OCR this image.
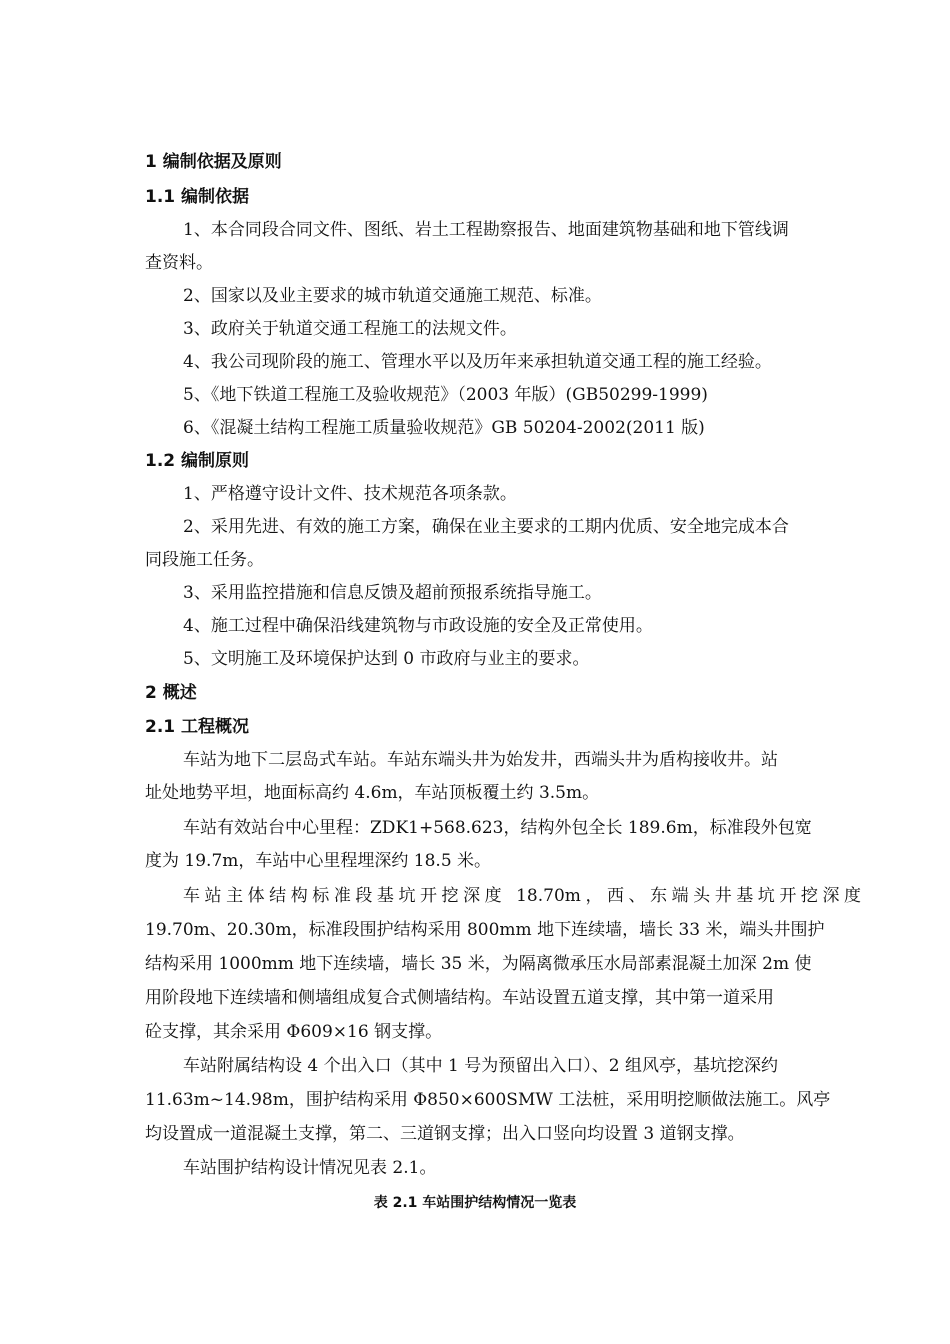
1 编制依据及原则
1.1 编制依据
1、本合同段合同文件、图纸、岩土工程勘察报告、地面建筑物基础和地下管线调
查资料。
2、国家以及业主要求的城市轨道交通施工规范、标准。
3、政府关于轨道交通工程施工的法规文件。
4、我公司现阶段的施工、管理水平以及历年来承担轨道交通工程的施工经验。
5、《地下铁道工程施工及验收规范》（2003 年版）(GB50299-1999)
6、《混凝土结构工程施工质量验收规范》GB 50204-2002(2011 版)
1.2 编制原则
1、严格遵守设计文件、技术规范各项条款。
2、采用先进、有效的施工方案，确保在业主要求的工期内优质、安全地完成本合
同段施工任务。
3、采用监控措施和信息反馈及超前预报系统指导施工。
4、施工过程中确保沿线建筑物与市政设施的安全及正常使用。
5、文明施工及环境保护达到 0 市政府与业主的要求。
2 概述
2.1 工程概况
车站为地下二层岛式车站。车站东端头井为始发井，西端头井为盾构接收井。站
址处地势平坦，地面标高约 4.6m，车站顶板覆土约 3.5m。
车站有效站台中心里程：ZDK1+568.623，结构外包全长 189.6m，标准段外包宽
度为 19.7m，车站中心里程埋深约 18.5 米。
车站主体结构标准段基坑开挖深度 18.70m，西、东端头井基坑开挖深度
19.70m、20.30m，标准段围护结构采用 800mm 地下连续墙，墙长 33 米，端头井围护
结构采用 1000mm 地下连续墙，墙长 35 米，为隔离微承压水局部素混凝土加深 2m 使
用阶段地下连续墙和侧墙组成复合式侧墙结构。车站设置五道支撑，其中第一道采用
砼支撑，其余采用 Φ609×16 钢支撑。
车站附属结构设 4 个出入口（其中 1 号为预留出入口）、2 组风亭，基坑挖深约
11.63m~14.98m，围护结构采用 Φ850×600SMW 工法桩，采用明挖顺做法施工。风亭
均设置成一道混凝土支撑，第二、三道钢支撑；出入口竖向均设置 3 道钢支撑。
车站围护结构设计情况见表 2.1。
表 2.1 车站围护结构情况一览表
